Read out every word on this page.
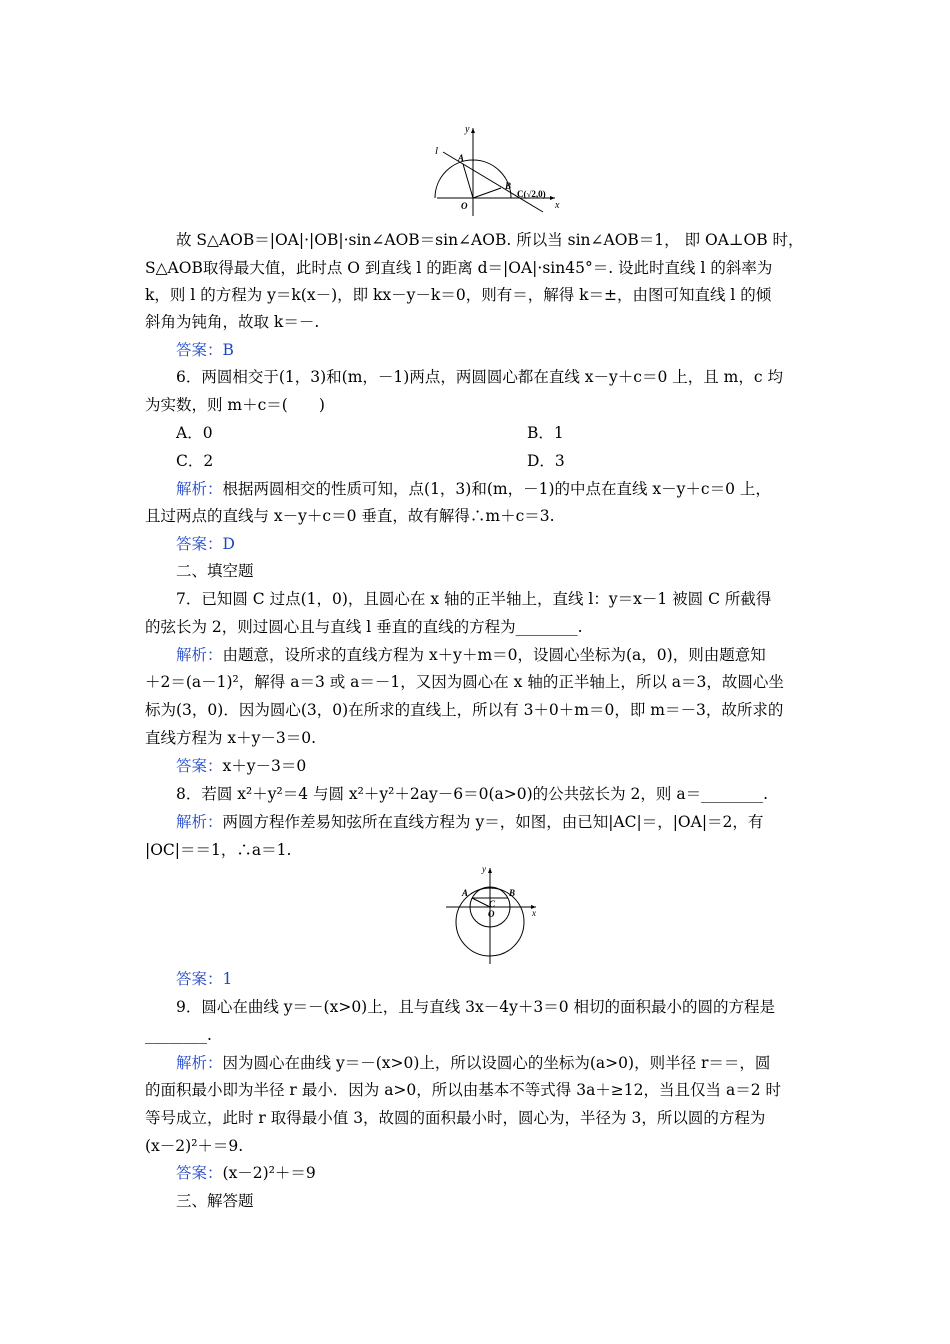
y
x
l
A
B
C(√2,0)
O
故 S△AOB＝|OA|·|OB|·sin∠AOB＝sin∠AOB. 所以当 sin∠AOB＝1， 即 OA⊥OB 时，
S△AOB取得最大值，此时点 O 到直线 l 的距离 d＝|OA|·sin45°＝. 设此时直线 l 的斜率为
k，则 l 的方程为 y＝k(x－)，即 kx－y－k＝0，则有＝，解得 k＝±，由图可知直线 l 的倾
斜角为钝角，故取 k＝－.
答案：B
6．两圆相交于(1，3)和(m，－1)两点，两圆圆心都在直线 x－y＋c＝0 上，且 m，c 均
为实数，则 m＋c＝(　　)
A．0	B．1
C．2	D．3
解析：根据两圆相交的性质可知，点(1，3)和(m，－1)的中点在直线 x－y＋c＝0 上，
且过两点的直线与 x－y＋c＝0 垂直，故有解得∴m＋c＝3.
答案：D
二、填空题
7．已知圆 C 过点(1，0)，且圆心在 x 轴的正半轴上，直线 l：y＝x－1 被圆 C 所截得
的弦长为 2，则过圆心且与直线 l 垂直的直线的方程为________.
解析：由题意，设所求的直线方程为 x＋y＋m＝0，设圆心坐标为(a，0)，则由题意知
＋2＝(a－1)²，解得 a＝3 或 a＝－1，又因为圆心在 x 轴的正半轴上，所以 a＝3，故圆心坐
标为(3，0)．因为圆心(3，0)在所求的直线上，所以有 3＋0＋m＝0，即 m＝－3，故所求的
直线方程为 x＋y－3＝0.
答案：x＋y－3＝0
8．若圆 x²＋y²＝4 与圆 x²＋y²＋2ay－6＝0(a>0)的公共弦长为 2，则 a＝________.
解析：两圆方程作差易知弦所在直线方程为 y＝，如图，由已知|AC|＝，|OA|＝2，有
|OC|＝＝1，∴a＝1.
y
x
A	B
C
O
答案：1
9．圆心在曲线 y＝－(x>0)上，且与直线 3x－4y＋3＝0 相切的面积最小的圆的方程是
________.
解析：因为圆心在曲线 y＝－(x>0)上，所以设圆心的坐标为(a>0)，则半径 r＝＝，圆
的面积最小即为半径 r 最小．因为 a>0，所以由基本不等式得 3a＋≥12，当且仅当 a＝2 时
等号成立，此时 r 取得最小值 3，故圆的面积最小时，圆心为，半径为 3，所以圆的方程为
(x－2)²＋＝9.
答案：(x－2)²＋＝9
三、解答题
